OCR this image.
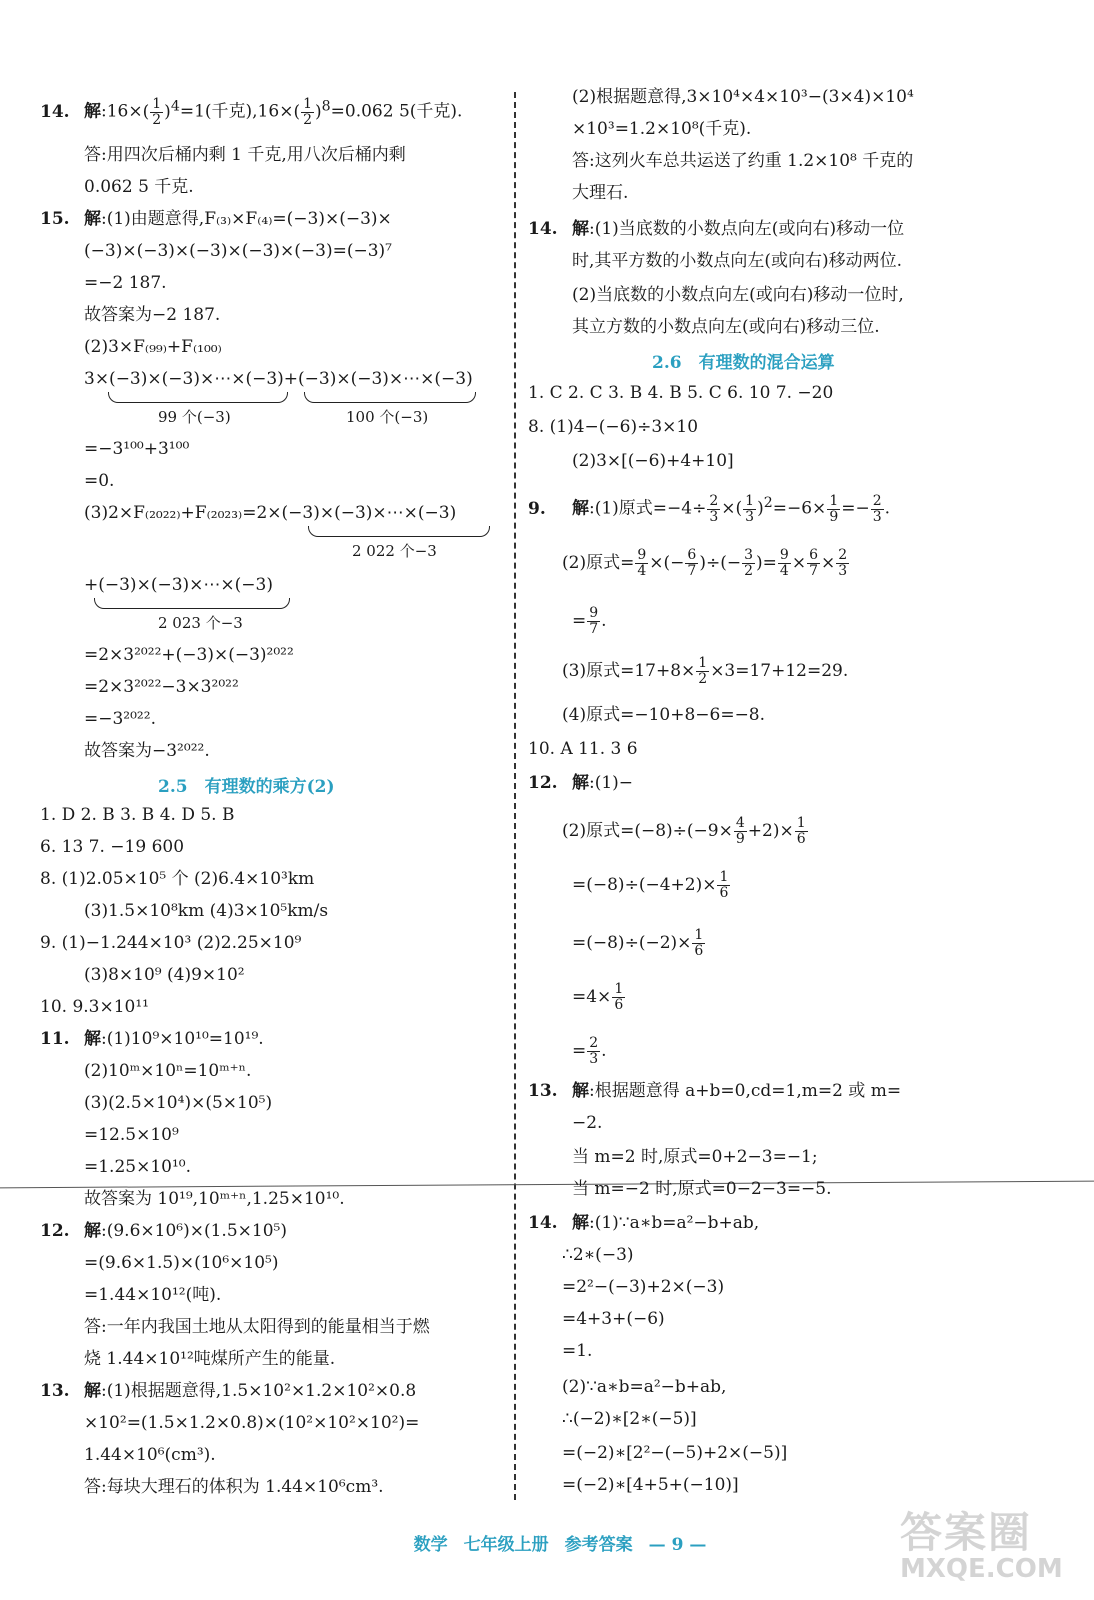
14. 解:16×( $\frac{1}{2} )^4=1$(千克)$,16\times( \frac{1}{2} )^8=0.062$ 5(千克).
答:用四次后桶内剩 1 千克,用八次后桶内剩
0.062 5 千克.
15. 解:(1)由题意得,F₍₃₎×F₍₄₎=(−3)×(−3)×
(−3)×(−3)×(−3)×(−3)×(−3)=(−3)⁷
=−2 187.
故答案为−2 187.
(2)3×F₍₉₉₎+F₍₁₀₀₎
3×(−3)×(−3)×⋯×(−3)+(−3)×(−3)×⋯×(−3)
99 个(−3)	100 个(−3)
=−3¹⁰⁰+3¹⁰⁰
=0.
(3)2×F₍₂₀₂₂₎+F₍₂₀₂₃₎=2×(−3)×(−3)×⋯×(−3)
2 022 个−3
+(−3)×(−3)×⋯×(−3)
2 023 个−3
=2×3²⁰²²+(−3)×(−3)²⁰²²
=2×3²⁰²²−3×3²⁰²²
=−3²⁰²².
故答案为−3²⁰²².
2.5　有理数的乘方(2)
1. D 2. B 3. B 4. D 5. B
6. 13 7. −19 600
8. (1)2.05×10⁵ 个 (2)6.4×10³km
(3)1.5×10⁸km (4)3×10⁵km/s
9. (1)−1.244×10³ (2)2.25×10⁹
(3)8×10⁹ (4)9×10²
10. 9.3×10¹¹
11. 解:(1)10⁹×10¹⁰=10¹⁹.
(2)10ᵐ×10ⁿ=10ᵐ⁺ⁿ.
(3)(2.5×10⁴)×(5×10⁵)
=12.5×10⁹
=1.25×10¹⁰.
故答案为 10¹⁹,10ᵐ⁺ⁿ,1.25×10¹⁰.
12. 解:(9.6×10⁶)×(1.5×10⁵)
=(9.6×1.5)×(10⁶×10⁵)
=1.44×10¹²(吨).
答:一年内我国土地从太阳得到的能量相当于燃
烧 1.44×10¹²吨煤所产生的能量.
13. 解:(1)根据题意得,1.5×10²×1.2×10²×0.8
×10²=(1.5×1.2×0.8)×(10²×10²×10²)=
1.44×10⁶(cm³).
答:每块大理石的体积为 1.44×10⁶cm³.
(2)根据题意得,3×10⁴×4×10³−(3×4)×10⁴
×10³=1.2×10⁸(千克).
答:这列火车总共运送了约重 1.2×10⁸ 千克的
大理石.
14. 解:(1)当底数的小数点向左(或向右)移动一位
时,其平方数的小数点向左(或向右)移动两位.
(2)当底数的小数点向左(或向右)移动一位时,
其立方数的小数点向左(或向右)移动三位.
2.6　有理数的混合运算
1. C 2. C 3. B 4. B 5. C 6. 10 7. −20
8. (1)4−(−6)÷3×10
(2)3×[(−6)+4+10]
9. 解:(1)原式$=-4\div \frac{2}{3}$ ×( $\frac{1}{3} )^2=-6\times \frac{1}{9} =- \frac{2}{3}$ .
(2)原式= $\frac{9}{4}$ ×(− $\frac{6}{7}$ )÷(− $\frac{3}{2}$ )= $\frac{9}{4} \times \frac{6}{7} \times \frac{2}{3}$
= $\frac{9}{7}$ .
(3)原式$=17+8\times \frac{1}{2} \times 3=17+12=29$.
(4)原式=−10+8−6=−8.
10. A 11. 3 6
12. 解:(1)−
(2)原式$=(-8)\div(-9\times \frac{4}{9} +2)\times \frac{1}{6}$
$=(-8)\div(-4+2)\times \frac{1}{6}$
$=(-8)\div(-2)\times \frac{1}{6}$
$=4\times \frac{1}{6}$
= $\frac{2}{3}$ .
13. 解:根据题意得 a+b=0,cd=1,m=2 或 m=
−2.
当 m=2 时,原式=0+2−3=−1;
当 m=−2 时,原式=0−2−3=−5.
14. 解:(1)∵a∗b=a²−b+ab,
∴2∗(−3)
=2²−(−3)+2×(−3)
=4+3+(−6)
=1.
(2)∵a∗b=a²−b+ab,
∴(−2)∗[2∗(−5)]
=(−2)∗[2²−(−5)+2×(−5)]
=(−2)∗[4+5+(−10)]
数学 七年级上册 参考答案 — 9 —	答案圈
MXQE.COM
